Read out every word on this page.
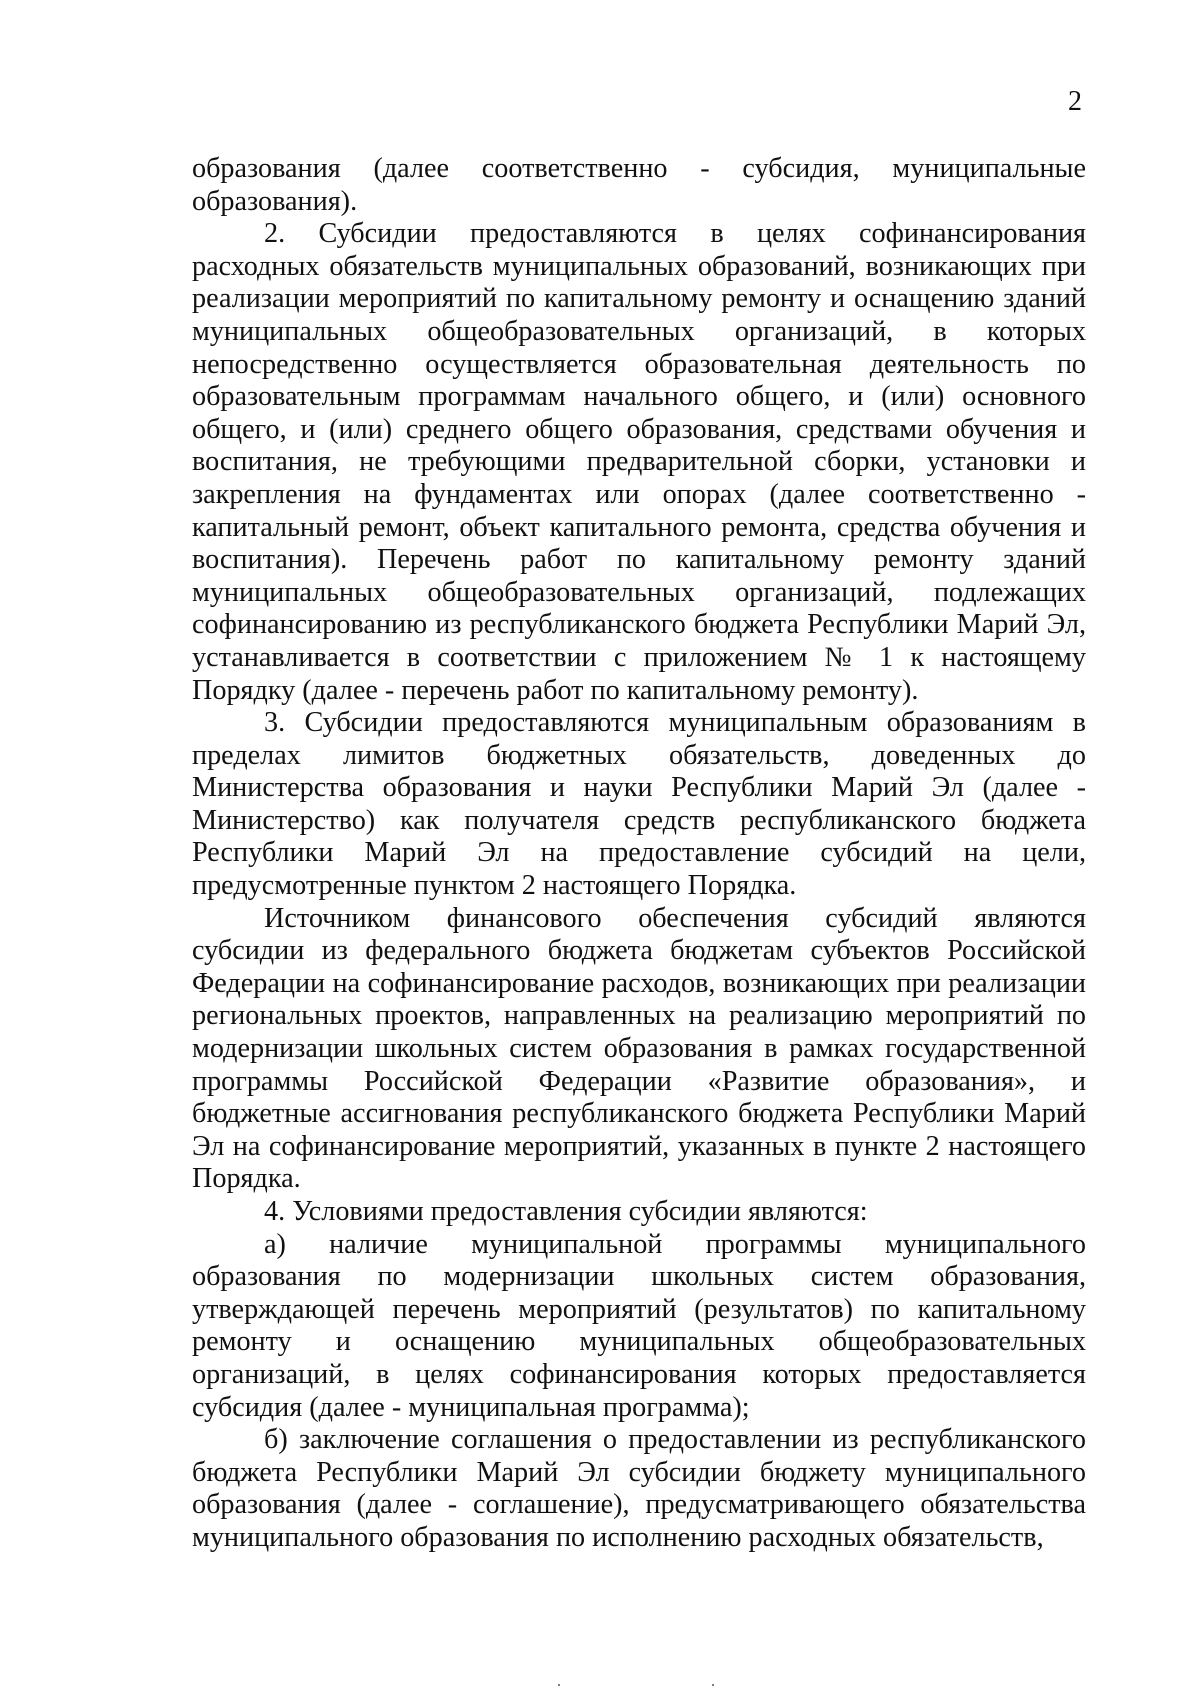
2

образования (далее соответственно - субсидия, муниципальные образования).

2. Субсидии предоставляются в целях софинансирования расходных обязательств муниципальных образований, возникающих при реализации мероприятий по капитальному ремонту и оснащению зданий муниципальных общеобразовательных организаций, в которых непосредственно осуществляется образовательная деятельность по образовательным программам начального общего, и (или) основного общего, и (или) среднего общего образования, средствами обучения и воспитания, не требующими предварительной сборки, установки и закрепления на фундаментах или опорах (далее соответственно - капитальный ремонт, объект капитального ремонта, средства обучения и воспитания). Перечень работ по капитальному ремонту зданий муниципальных общеобразовательных организаций, подлежащих софинансированию из республиканского бюджета Республики Марий Эл, устанавливается в соответствии с приложением № 1 к настоящему Порядку (далее - перечень работ по капитальному ремонту).

3. Субсидии предоставляются муниципальным образованиям в пределах лимитов бюджетных обязательств, доведенных до Министерства образования и науки Республики Марий Эл (далее - Министерство) как получателя средств республиканского бюджета Республики Марий Эл на предоставление субсидий на цели, предусмотренные пунктом 2 настоящего Порядка.

Источником финансового обеспечения субсидий являются субсидии из федерального бюджета бюджетам субъектов Российской Федерации на софинансирование расходов, возникающих при реализации региональных проектов, направленных на реализацию мероприятий по модернизации школьных систем образования в рамках государственной программы Российской Федерации «Развитие образования», и бюджетные ассигнования республиканского бюджета Республики Марий Эл на софинансирование мероприятий, указанных в пункте 2 настоящего Порядка.

4. Условиями предоставления субсидии являются:

а) наличие муниципальной программы муниципального образования по модернизации школьных систем образования, утверждающей перечень мероприятий (результатов) по капитальному ремонту и оснащению муниципальных общеобразовательных организаций, в целях софинансирования которых предоставляется субсидия (далее - муниципальная программа);

б) заключение соглашения о предоставлении из республиканского бюджета Республики Марий Эл субсидии бюджету муниципального образования (далее - соглашение), предусматривающего обязательства муниципального образования по исполнению расходных обязательств,
